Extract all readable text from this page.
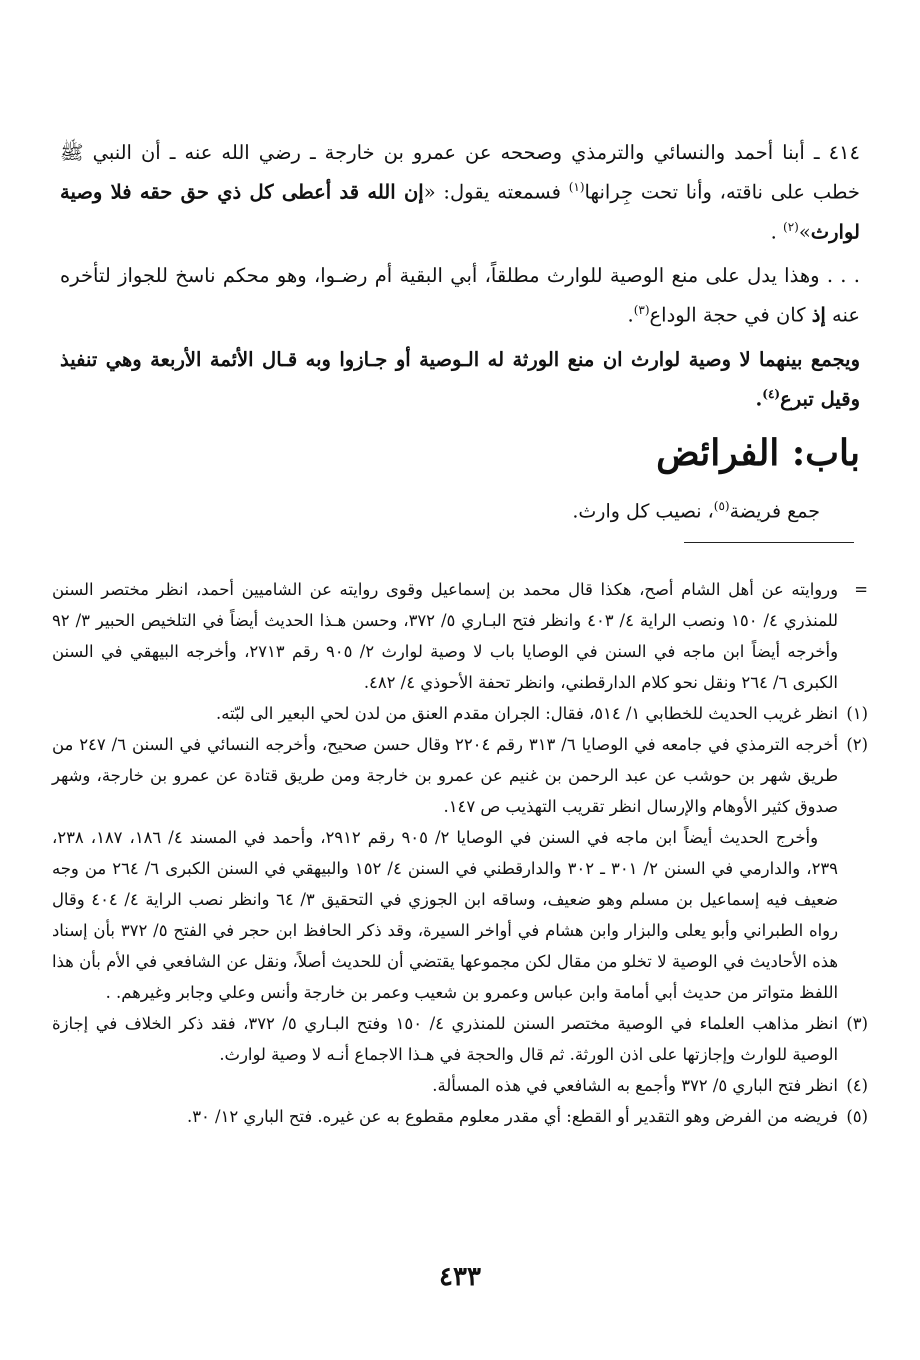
٤١٤ ـ أبنا أحمد والنسائي والترمذي وصححه عن عمرو بن خارجة ـ رضي الله عنه ـ أن النبي ﷺ خطب على ناقته، وأنا تحت جِرانها$^{(١)}$ فسمعته يقول: «إن الله قد أعطى كل ذي حق حقه فلا وصية لوارث»$^{(٢)}$ .

. . . وهذا يدل على منع الوصية للوارث مطلقاً، أبي البقية أم رضـوا، وهو محكم ناسخ للجواز لتأخره عنه إذ كان في حجة الوداع$^{(٣)}$.

ويجمع بينهما لا وصية لوارث ان منع الورثة له الـوصية أو جـازوا وبه قـال الأئمة الأربعة وهي تنفيذ وقيل تبرع$^{(٤)}$.

باب: الفرائض
جمع فريضة$^{(٥)}$، نصيب كل وارث.
=

وروايته عن أهل الشام أصح، هكذا قال محمد بن إسماعيل وقوى روايته عن الشاميين أحمد، انظر مختصر السنن للمنذري ٤/ ١٥٠ ونصب الراية ٤/ ٤٠٣ وانظر فتح البـاري ٥/ ٣٧٢، وحسن هـذا الحديث أيضاً في التلخيص الحبير ٣/ ٩٢ وأخرجه أيضاً ابن ماجه في السنن في الوصايا باب لا وصية لوارث ٢/ ٩٠٥ رقم ٢٧١٣، وأخرجه البيهقي في السنن الكبرى ٦/ ٢٦٤ ونقل نحو كلام الدارقطني، وانظر تحفة الأحوذي ٤/ ٤٨٢.

(١)
انظر غريب الحديث للخطابي ١/ ٥١٤، فقال: الجران مقدم العنق من لدن لحي البعير الى لبّته.

(٢)

أخرجه الترمذي في جامعه في الوصايا ٦/ ٣١٣ رقم ٢٢٠٤ وقال حسن صحيح، وأخرجه النسائي في السنن ٦/ ٢٤٧ من طريق شهر بن حوشب عن عبد الرحمن بن غنيم عن عمرو بن خارجة ومن طريق قتادة عن عمرو بن خارجة، وشهر صدوق كثير الأوهام والإرسال انظر تقريب التهذيب ص ١٤٧.

وأخرج الحديث أيضاً ابن ماجه في السنن في الوصايا ٢/ ٩٠٥ رقم ٢٩١٢، وأحمد في المسند ٤/ ١٨٦، ١٨٧، ٢٣٨، ٢٣٩، والدارمي في السنن ٢/ ٣٠١ ـ ٣٠٢ والدارقطني في السنن ٤/ ١٥٢ والبيهقي في السنن الكبرى ٦/ ٢٦٤ من وجه ضعيف فيه إسماعيل بن مسلم وهو ضعيف، وساقه ابن الجوزي في التحقيق ٣/ ٦٤ وانظر نصب الراية ٤/ ٤٠٤ وقال رواه الطبراني وأبو يعلى والبزار وابن هشام في أواخر السيرة، وقد ذكر الحافظ ابن حجر في الفتح ٥/ ٣٧٢ بأن إسناد هذه الأحاديث في الوصية لا تخلو من مقال لكن مجموعها يقتضي أن للحديث أصلاً، ونقل عن الشافعي في الأم بأن هذا اللفظ متواتر من حديث أبي أمامة وابن عباس وعمرو بن شعيب وعمر بن خارجة وأنس وعلي وجابر وغيرهم. .

(٣)
انظر مذاهب العلماء في الوصية مختصر السنن للمنذري ٤/ ١٥٠ وفتح البـاري ٥/ ٣٧٢، فقد ذكر الخلاف في إجازة الوصية للوارث وإجازتها على اذن الورثة. ثم قال والحجة في هـذا الاجماع أنـه لا وصية لوارث.

(٤)
انظر فتح الباري ٥/ ٣٧٢ وأجمع به الشافعي في هذه المسألة.

(٥)
فريضه من الفرض وهو التقدير أو القطع: أي مقدر معلوم مقطوع به عن غيره. فتح الباري ١٢/ ٣٠.

٤٣٣
